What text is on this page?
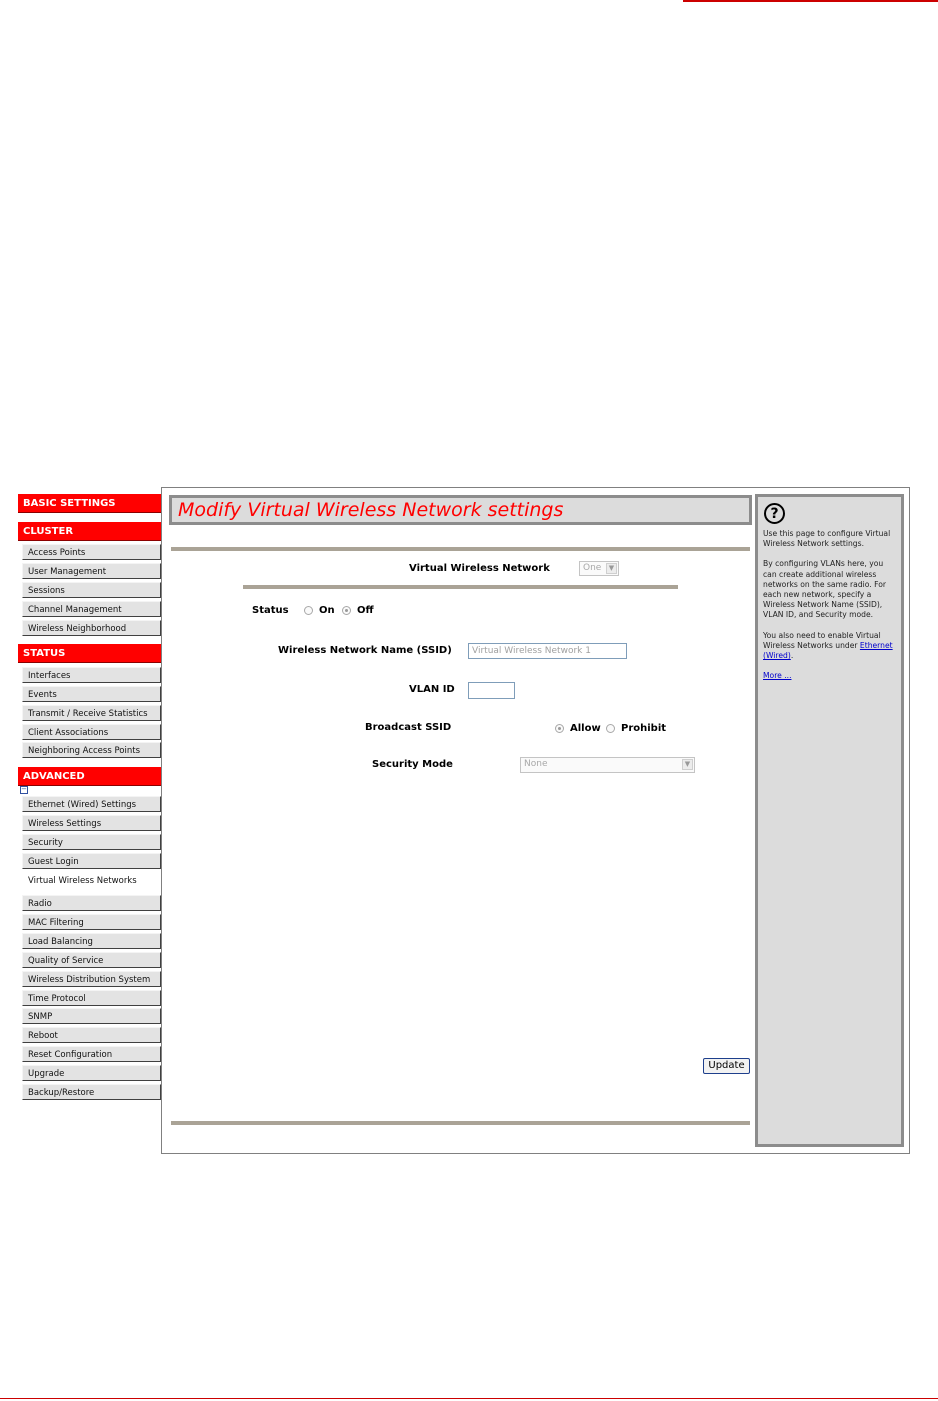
BASIC SETTINGS
CLUSTER
Access Points
User Management
Sessions
Channel Management
Wireless Neighborhood
STATUS
Interfaces
Events
Transmit / Receive Statistics
Client Associations
Neighboring Access Points
ADVANCED
−
Ethernet (Wired) Settings
Wireless Settings
Security
Guest Login
Virtual Wireless Networks
Radio
MAC Filtering
Load Balancing
Quality of Service
Wireless Distribution System
Time Protocol
SNMP
Reboot
Reset Configuration
Upgrade
Backup/Restore
Modify Virtual Wireless Network settings
Virtual Wireless Network	One	▼
Status	On Off
Wireless Network Name (SSID)	Virtual Wireless Network 1
VLAN ID
Broadcast SSID	Allow Prohibit
Security Mode	None	▼
Update
?

Use this page to configure Virtual Wireless Network settings.

By configuring VLANs here, you can create additional wireless networks on the same radio. For each new network, specify a Wireless Network Name (SSID), VLAN ID, and Security mode.

You also need to enable Virtual Wireless Networks under Ethernet (Wired).

More ...
